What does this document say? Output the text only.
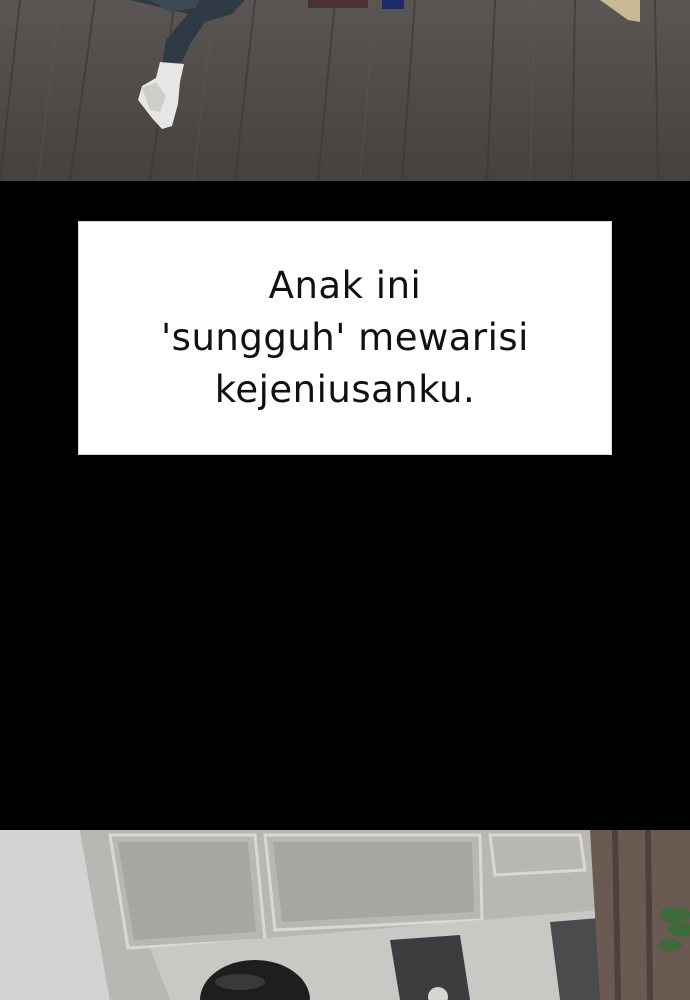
Anak ini
'sungguh' mewarisi
kejeniusanku.
